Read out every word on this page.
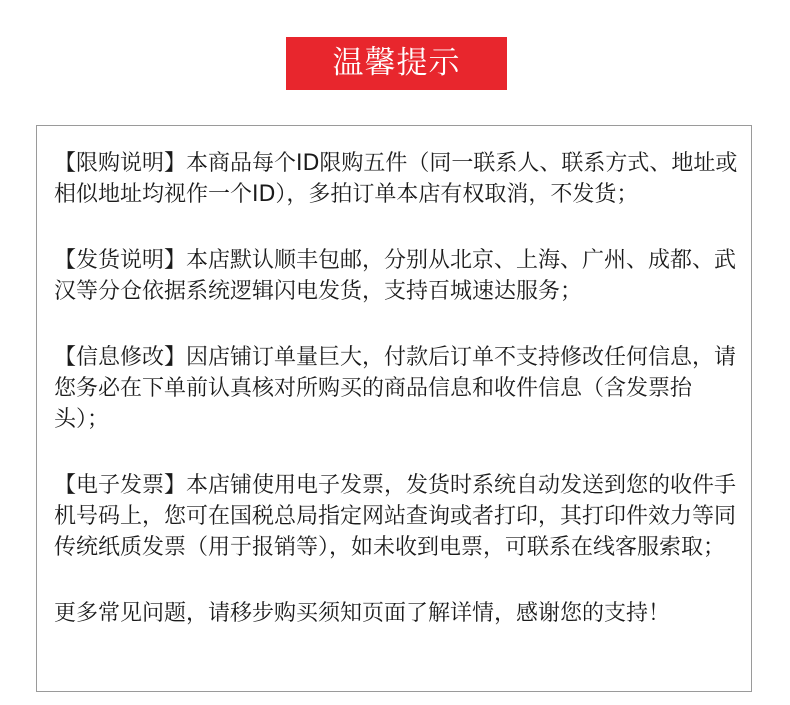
温馨提示
【限购说明】本商品每个ID限购五件（同一联系人、联系方式、地址或相似地址均视作一个ID），多拍订单本店有权取消，不发货；
【发货说明】本店默认顺丰包邮，分别从北京、上海、广州、成都、武汉等分仓依据系统逻辑闪电发货，支持百城速达服务；
【信息修改】因店铺订单量巨大，付款后订单不支持修改任何信息，请您务必在下单前认真核对所购买的商品信息和收件信息（含发票抬头）；
【电子发票】本店铺使用电子发票，发货时系统自动发送到您的收件手机号码上，您可在国税总局指定网站查询或者打印，其打印件效力等同传统纸质发票（用于报销等），如未收到电票，可联系在线客服索取；
更多常见问题，请移步购买须知页面了解详情，感谢您的支持！
